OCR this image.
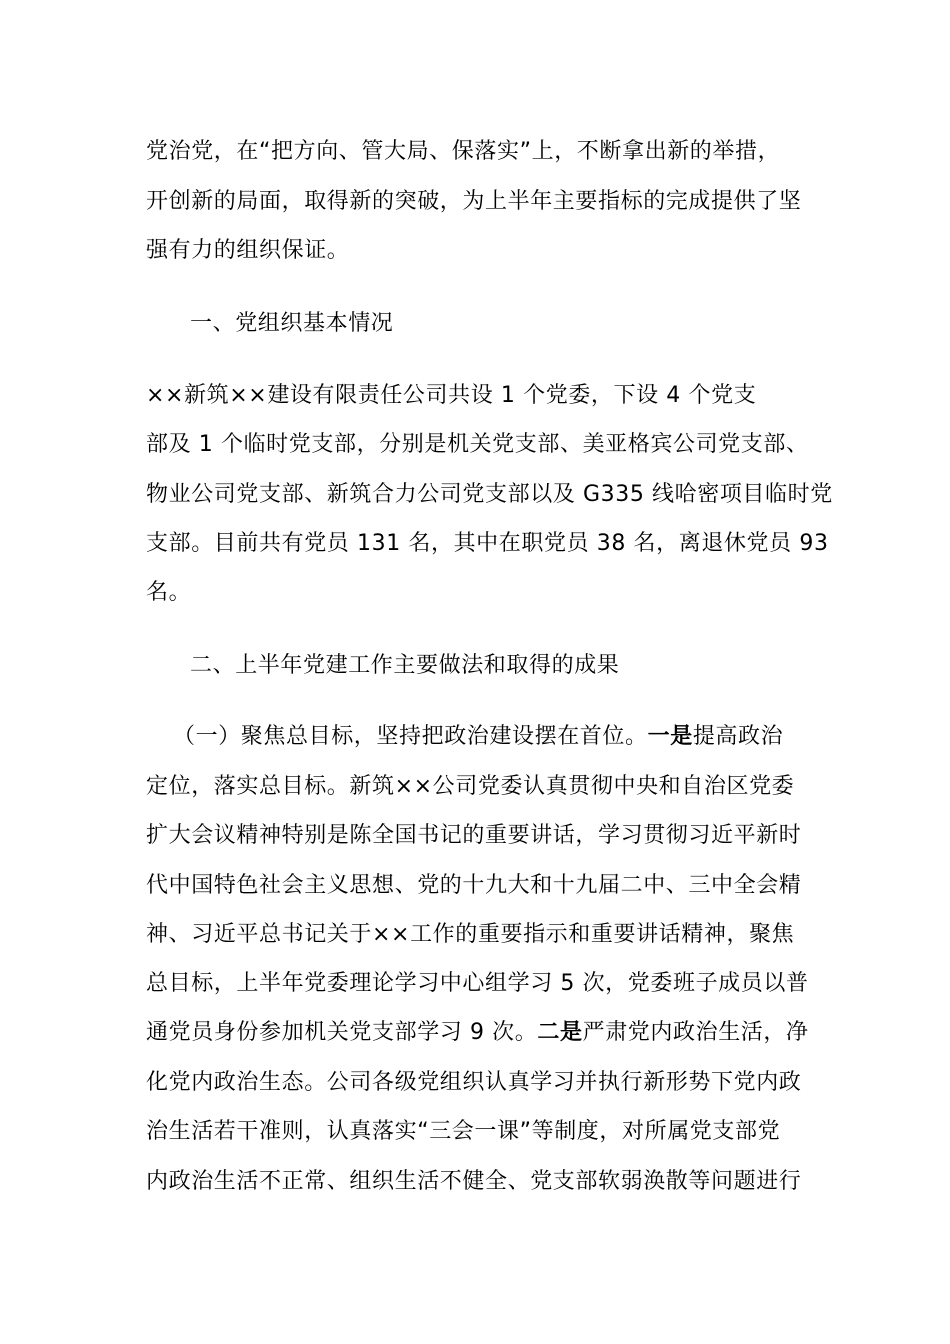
党治党，在“把方向、管大局、保落实”上，不断拿出新的举措，
开创新的局面，取得新的突破，为上半年主要指标的完成提供了坚
强有力的组织保证。
一、党组织基本情况
××新筑××建设有限责任公司共设 1 个党委，下设 4 个党支
部及 1 个临时党支部，分别是机关党支部、美亚格宾公司党支部、
物业公司党支部、新筑合力公司党支部以及 G335 线哈密项目临时党
支部。目前共有党员 131 名，其中在职党员 38 名，离退休党员 93
名。
二、上半年党建工作主要做法和取得的成果
（一）聚焦总目标，坚持把政治建设摆在首位。一是提高政治
定位，落实总目标。新筑××公司党委认真贯彻中央和自治区党委
扩大会议精神特别是陈全国书记的重要讲话，学习贯彻习近平新时
代中国特色社会主义思想、党的十九大和十九届二中、三中全会精
神、习近平总书记关于××工作的重要指示和重要讲话精神，聚焦
总目标，上半年党委理论学习中心组学习 5 次，党委班子成员以普
通党员身份参加机关党支部学习 9 次。二是严肃党内政治生活，净
化党内政治生态。公司各级党组织认真学习并执行新形势下党内政
治生活若干准则，认真落实“三会一课”等制度，对所属党支部党
内政治生活不正常、组织生活不健全、党支部软弱涣散等问题进行
